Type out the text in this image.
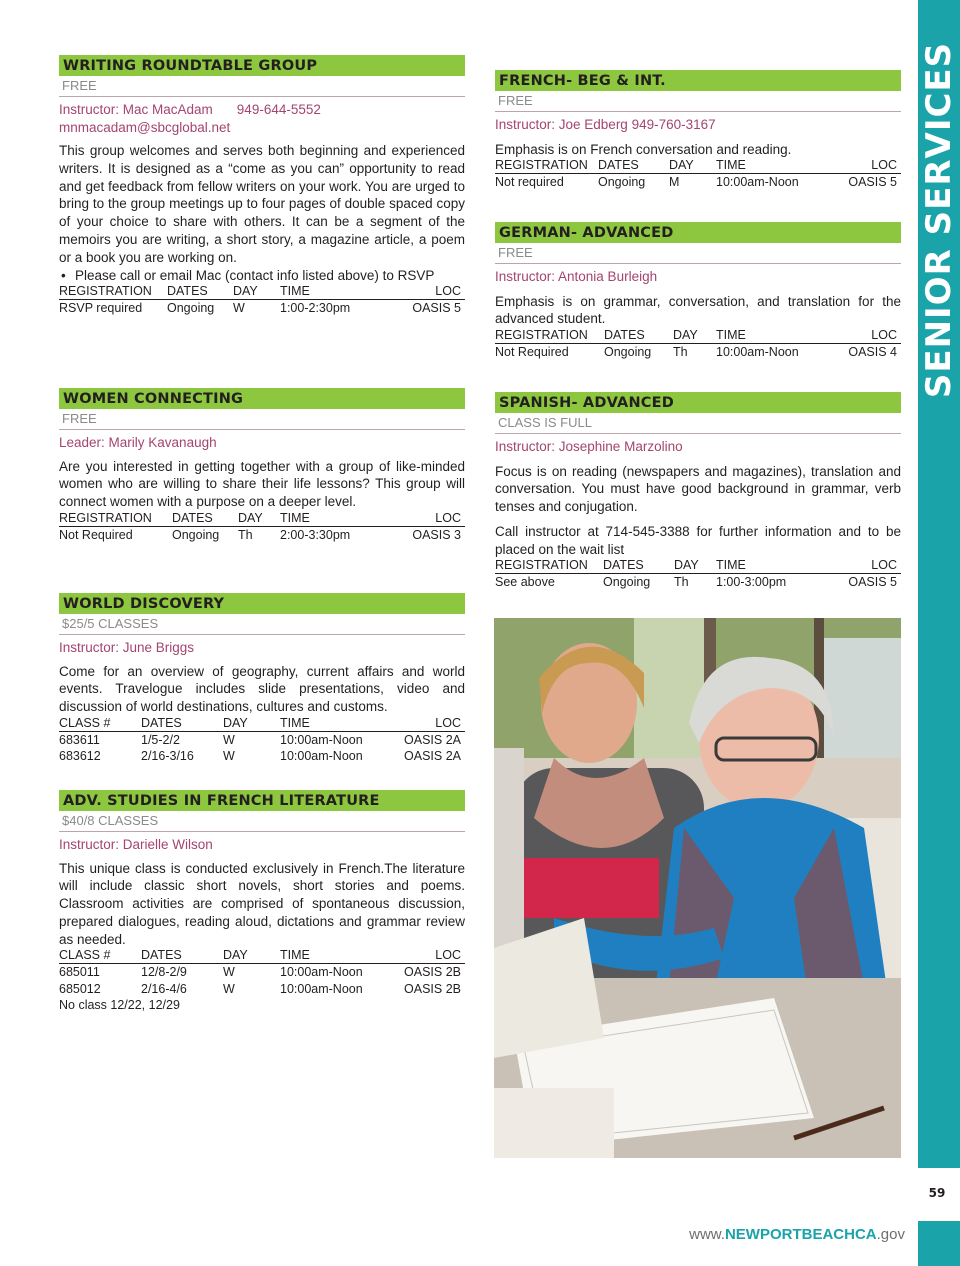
SENIOR SERVICES
59
www.NEWPORTBEACHCA.gov
WRITING ROUNDTABLE GROUP
FREE
Instructor: Mac MacAdam 949-644-5552
mnmacadam@sbcglobal.net
This group welcomes and serves both beginning and experienced writers. It is designed as a “come as you can” opportunity to read and get feedback from fellow writers on your work. You are urged to bring to the group meetings up to four pages of double spaced copy of your choice to share with others. It can be a segment of the memoirs you are writing, a short story, a magazine article, a poem or a book you are working on.
• Please call or email Mac (contact info listed above) to RSVP
REGISTRATION	DATES	DAY	TIME	LOC
RSVP required	Ongoing	W	1:00-2:30pm	OASIS 5
WOMEN CONNECTING
FREE
Leader: Marily Kavanaugh
Are you interested in getting together with a group of like-minded women who are willing to share their life lessons? This group will connect women with a purpose on a deeper level.
REGISTRATION	DATES	DAY	TIME	LOC
Not Required	Ongoing	Th	2:00-3:30pm	OASIS 3
WORLD DISCOVERY
$25/5 CLASSES
Instructor: June Briggs
Come for an overview of geography, current affairs and world events. Travelogue includes slide presentations, video and discussion of world destinations, cultures and customs.
CLASS #	DATES	DAY	TIME	LOC
683611	1/5-2/2	W	10:00am-Noon	OASIS 2A
683612	2/16-3/16	W	10:00am-Noon	OASIS 2A
ADV. STUDIES IN FRENCH LITERATURE
$40/8 CLASSES
Instructor: Darielle Wilson
This unique class is conducted exclusively in French.The literature will include classic short novels, short stories and poems. Classroom activities are comprised of spontaneous discussion, prepared dialogues, reading aloud, dictations and grammar review as needed.
CLASS #	DATES	DAY	TIME	LOC
685011	12/8-2/9	W	10:00am-Noon	OASIS 2B
685012	2/16-4/6	W	10:00am-Noon	OASIS 2B
No class 12/22, 12/29
FRENCH- BEG & INT.
FREE
Instructor: Joe Edberg 949-760-3167
Emphasis is on French conversation and reading.
REGISTRATION	DATES	DAY	TIME	LOC
Not required	Ongoing	M	10:00am-Noon	OASIS 5
GERMAN- ADVANCED
FREE
Instructor: Antonia Burleigh
Emphasis is on grammar, conversation, and translation for the advanced student.
REGISTRATION	DATES	DAY	TIME	LOC
Not Required	Ongoing	Th	10:00am-Noon	OASIS 4
SPANISH- ADVANCED
CLASS IS FULL
Instructor: Josephine Marzolino
Focus is on reading (newspapers and magazines), translation and conversation. You must have good background in grammar, verb tenses and conjugation.
Call instructor at 714-545-3388 for further information and to be placed on the wait list
REGISTRATION	DATES	DAY	TIME	LOC
See above	Ongoing	Th	1:00-3:00pm	OASIS 5
